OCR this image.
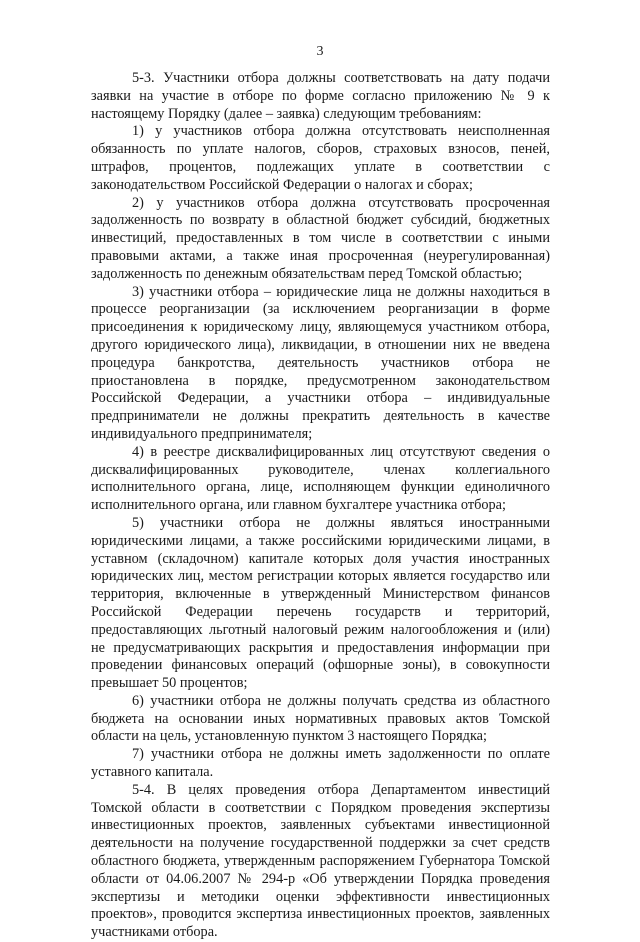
3

5-3. Участники отбора должны соответствовать на дату подачи заявки на участие в отборе по форме согласно приложению № 9 к настоящему Порядку (далее – заявка) следующим требованиям:

1) у участников отбора должна отсутствовать неисполненная обязанность по уплате налогов, сборов, страховых взносов, пеней, штрафов, процентов, подлежащих уплате в соответствии с законодательством Российской Федерации о налогах и сборах;

2) у участников отбора должна отсутствовать просроченная задолженность по возврату в областной бюджет субсидий, бюджетных инвестиций, предоставленных в том числе в соответствии с иными правовыми актами, а также иная просроченная (неурегулированная) задолженность по денежным обязательствам перед Томской областью;

3) участники отбора – юридические лица не должны находиться в процессе реорганизации (за исключением реорганизации в форме присоединения к юридическому лицу, являющемуся участником отбора, другого юридического лица), ликвидации, в отношении них не введена процедура банкротства, деятельность участников отбора не приостановлена в порядке, предусмотренном законодательством Российской Федерации, а участники отбора – индивидуальные предприниматели не должны прекратить деятельность в качестве индивидуального предпринимателя;

4) в реестре дисквалифицированных лиц отсутствуют сведения о дисквалифицированных руководителе, членах коллегиального исполнительного органа, лице, исполняющем функции единоличного исполнительного органа, или главном бухгалтере участника отбора;

5) участники отбора не должны являться иностранными юридическими лицами, а также российскими юридическими лицами, в уставном (складочном) капитале которых доля участия иностранных юридических лиц, местом регистрации которых является государство или территория, включенные в утвержденный Министерством финансов Российской Федерации перечень государств и территорий, предоставляющих льготный налоговый режим налогообложения и (или) не предусматривающих раскрытия и предоставления информации при проведении финансовых операций (офшорные зоны), в совокупности превышает 50 процентов;

6) участники отбора не должны получать средства из областного бюджета на основании иных нормативных правовых актов Томской области на цель, установленную пунктом 3 настоящего Порядка;

7) участники отбора не должны иметь задолженности по оплате уставного капитала.

5-4. В целях проведения отбора Департаментом инвестиций Томской области в соответствии с Порядком проведения экспертизы инвестиционных проектов, заявленных субъектами инвестиционной деятельности на получение государственной поддержки за счет средств областного бюджета, утвержденным распоряжением Губернатора Томской области от 04.06.2007 № 294-р «Об утверждении Порядка проведения экспертизы и методики оценки эффективности инвестиционных проектов», проводится экспертиза инвестиционных проектов, заявленных участниками отбора.
